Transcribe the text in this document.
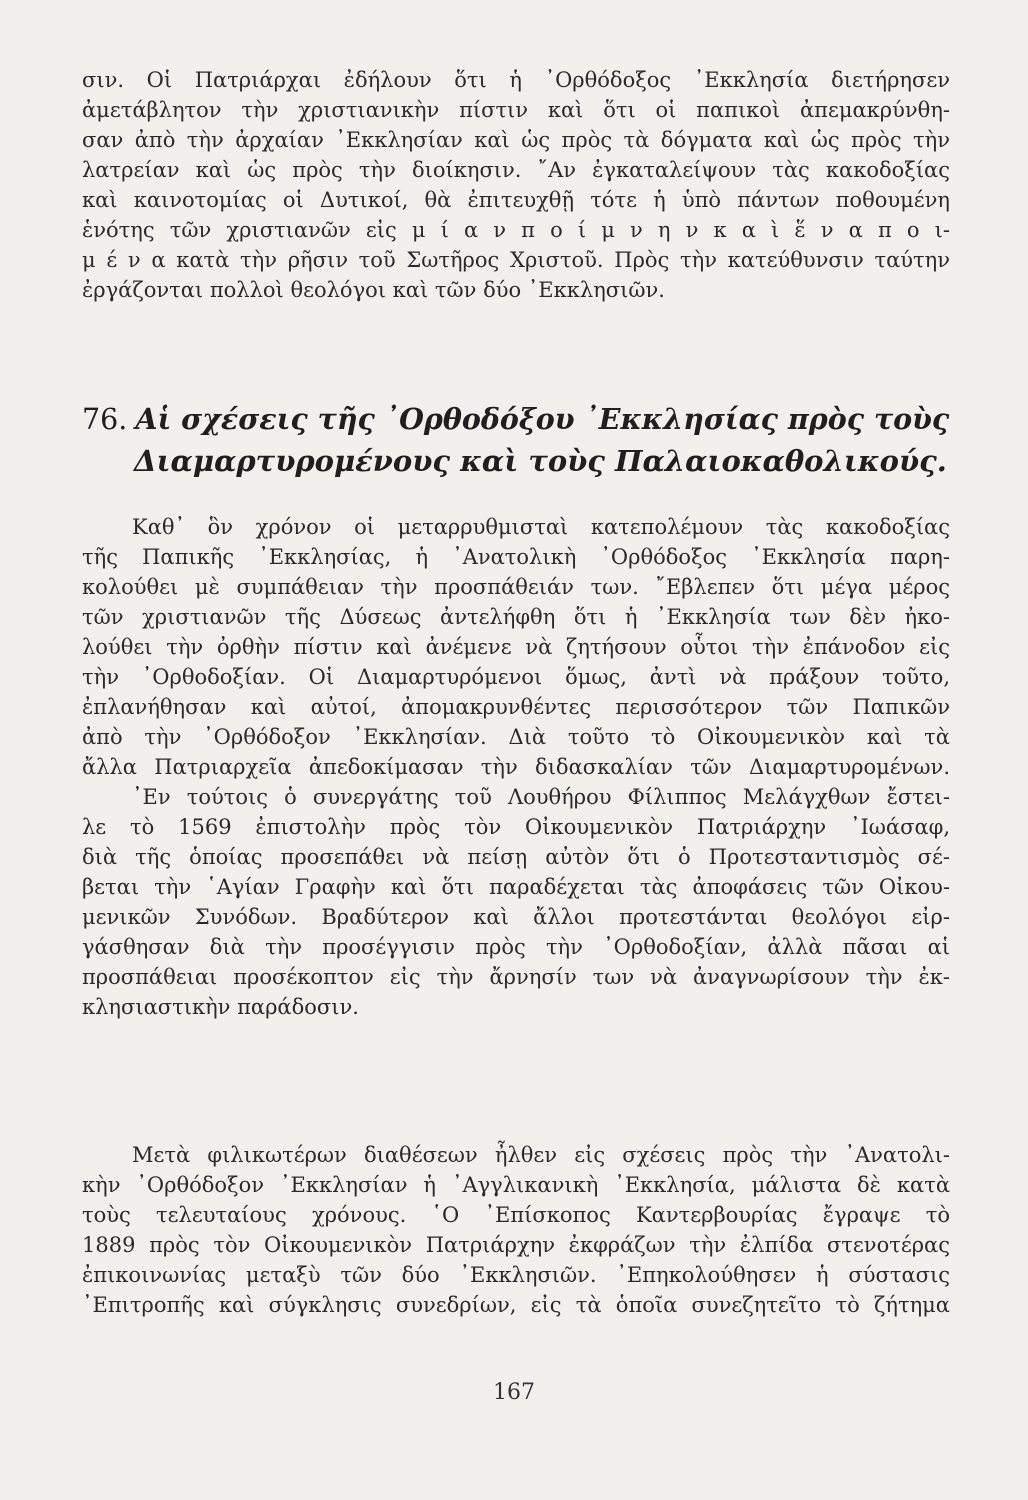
σιν. Οἱ Πατριάρχαι ἐδήλουν ὅτι ἡ ᾿Ορθόδοξος ᾿Εκκλησία διετήρησεν
ἀμετάβλητον τὴν χριστιανικὴν πίστιν καὶ ὅτι οἱ παπικοὶ ἀπεμακρύνθη-
σαν ἀπὸ τὴν ἀρχαίαν ᾿Εκκλησίαν καὶ ὡς πρὸς τὰ δόγματα καὶ ὡς πρὸς τὴν
λατρείαν καὶ ὡς πρὸς τὴν διοίκησιν. ῎Αν ἐγκαταλείψουν τὰς κακοδοξίας
καὶ καινοτομίας οἱ Δυτικοί, θὰ ἐπιτευχθῇ τότε ἡ ὑπὸ πάντων ποθουμένη
ἑνότης τῶν χριστιανῶν εἰς μ ί α ν π ο ί μ ν η ν κ α ὶ ἕ ν α π ο ι-
μ έ ν α κατὰ τὴν ρῆσιν τοῦ Σωτῆρος Χριστοῦ. Πρὸς τὴν κατεύθυνσιν ταύτην
ἐργάζονται πολλοὶ θεολόγοι καὶ τῶν δύο ᾿Εκκλησιῶν.
76. Αἱ σχέσεις τῆς ᾿Ορθοδόξου ᾿Εκκλησίας πρὸς τοὺς
Διαμαρτυρομένους καὶ τοὺς Παλαιοκαθολικούς.
Καθ᾿ ὃν χρόνον οἱ μεταρρυθμισταὶ κατεπολέμουν τὰς κακοδοξίας
τῆς Παπικῆς ᾿Εκκλησίας, ἡ ᾿Ανατολικὴ ᾿Ορθόδοξος ᾿Εκκλησία παρη-
κολούθει μὲ συμπάθειαν τὴν προσπάθειάν των. ῎Εβλεπεν ὅτι μέγα μέρος
τῶν χριστιανῶν τῆς Δύσεως ἀντελήφθη ὅτι ἡ ᾿Εκκλησία των δὲν ἠκο-
λούθει τὴν ὀρθὴν πίστιν καὶ ἀνέμενε νὰ ζητήσουν οὗτοι τὴν ἐπάνοδον εἰς
τὴν ᾿Ορθοδοξίαν. Οἱ Διαμαρτυρόμενοι ὅμως, ἀντὶ νὰ πράξουν τοῦτο,
ἐπλανήθησαν καὶ αὐτοί, ἀπομακρυνθέντες περισσότερον τῶν Παπικῶν
ἀπὸ τὴν ᾿Ορθόδοξον ᾿Εκκλησίαν. Διὰ τοῦτο τὸ Οἰκουμενικὸν καὶ τὰ
ἄλλα Πατριαρχεῖα ἀπεδοκίμασαν τὴν διδασκαλίαν τῶν Διαμαρτυρομένων.
᾿Εν τούτοις ὁ συνεργάτης τοῦ Λουθήρου Φίλιππος Μελάγχθων ἔστει-
λε τὸ 1569 ἐπιστολὴν πρὸς τὸν Οἰκουμενικὸν Πατριάρχην ᾿Ιωάσαφ,
διὰ τῆς ὁποίας προσεπάθει νὰ πείσῃ αὐτὸν ὅτι ὁ Προτεσταντισμὸς σέ-
βεται τὴν ῾Αγίαν Γραφὴν καὶ ὅτι παραδέχεται τὰς ἀποφάσεις τῶν Οἰκου-
μενικῶν Συνόδων. Βραδύτερον καὶ ἄλλοι προτεστάνται θεολόγοι εἰρ-
γάσθησαν διὰ τὴν προσέγγισιν πρὸς τὴν ᾿Ορθοδοξίαν, ἀλλὰ πᾶσαι αἱ
προσπάθειαι προσέκοπτον εἰς τὴν ἄρνησίν των νὰ ἀναγνωρίσουν τὴν ἐκ-
κλησιαστικὴν παράδοσιν.
Μετὰ φιλικωτέρων διαθέσεων ἦλθεν εἰς σχέσεις πρὸς τὴν ᾿Ανατολι-
κὴν ᾿Ορθόδοξον ᾿Εκκλησίαν ἡ ᾿Αγγλικανικὴ ᾿Εκκλησία, μάλιστα δὲ κατὰ
τοὺς τελευταίους χρόνους. ῾Ο ᾿Επίσκοπος Καντερβουρίας ἔγραψε τὸ
1889 πρὸς τὸν Οἰκουμενικὸν Πατριάρχην ἐκφράζων τὴν ἐλπίδα στενοτέρας
ἐπικοινωνίας μεταξὺ τῶν δύο ᾿Εκκλησιῶν. ᾿Επηκολούθησεν ἡ σύστασις
᾿Επιτροπῆς καὶ σύγκλησις συνεδρίων, εἰς τὰ ὁποῖα συνεζητεῖτο τὸ ζήτημα
167
